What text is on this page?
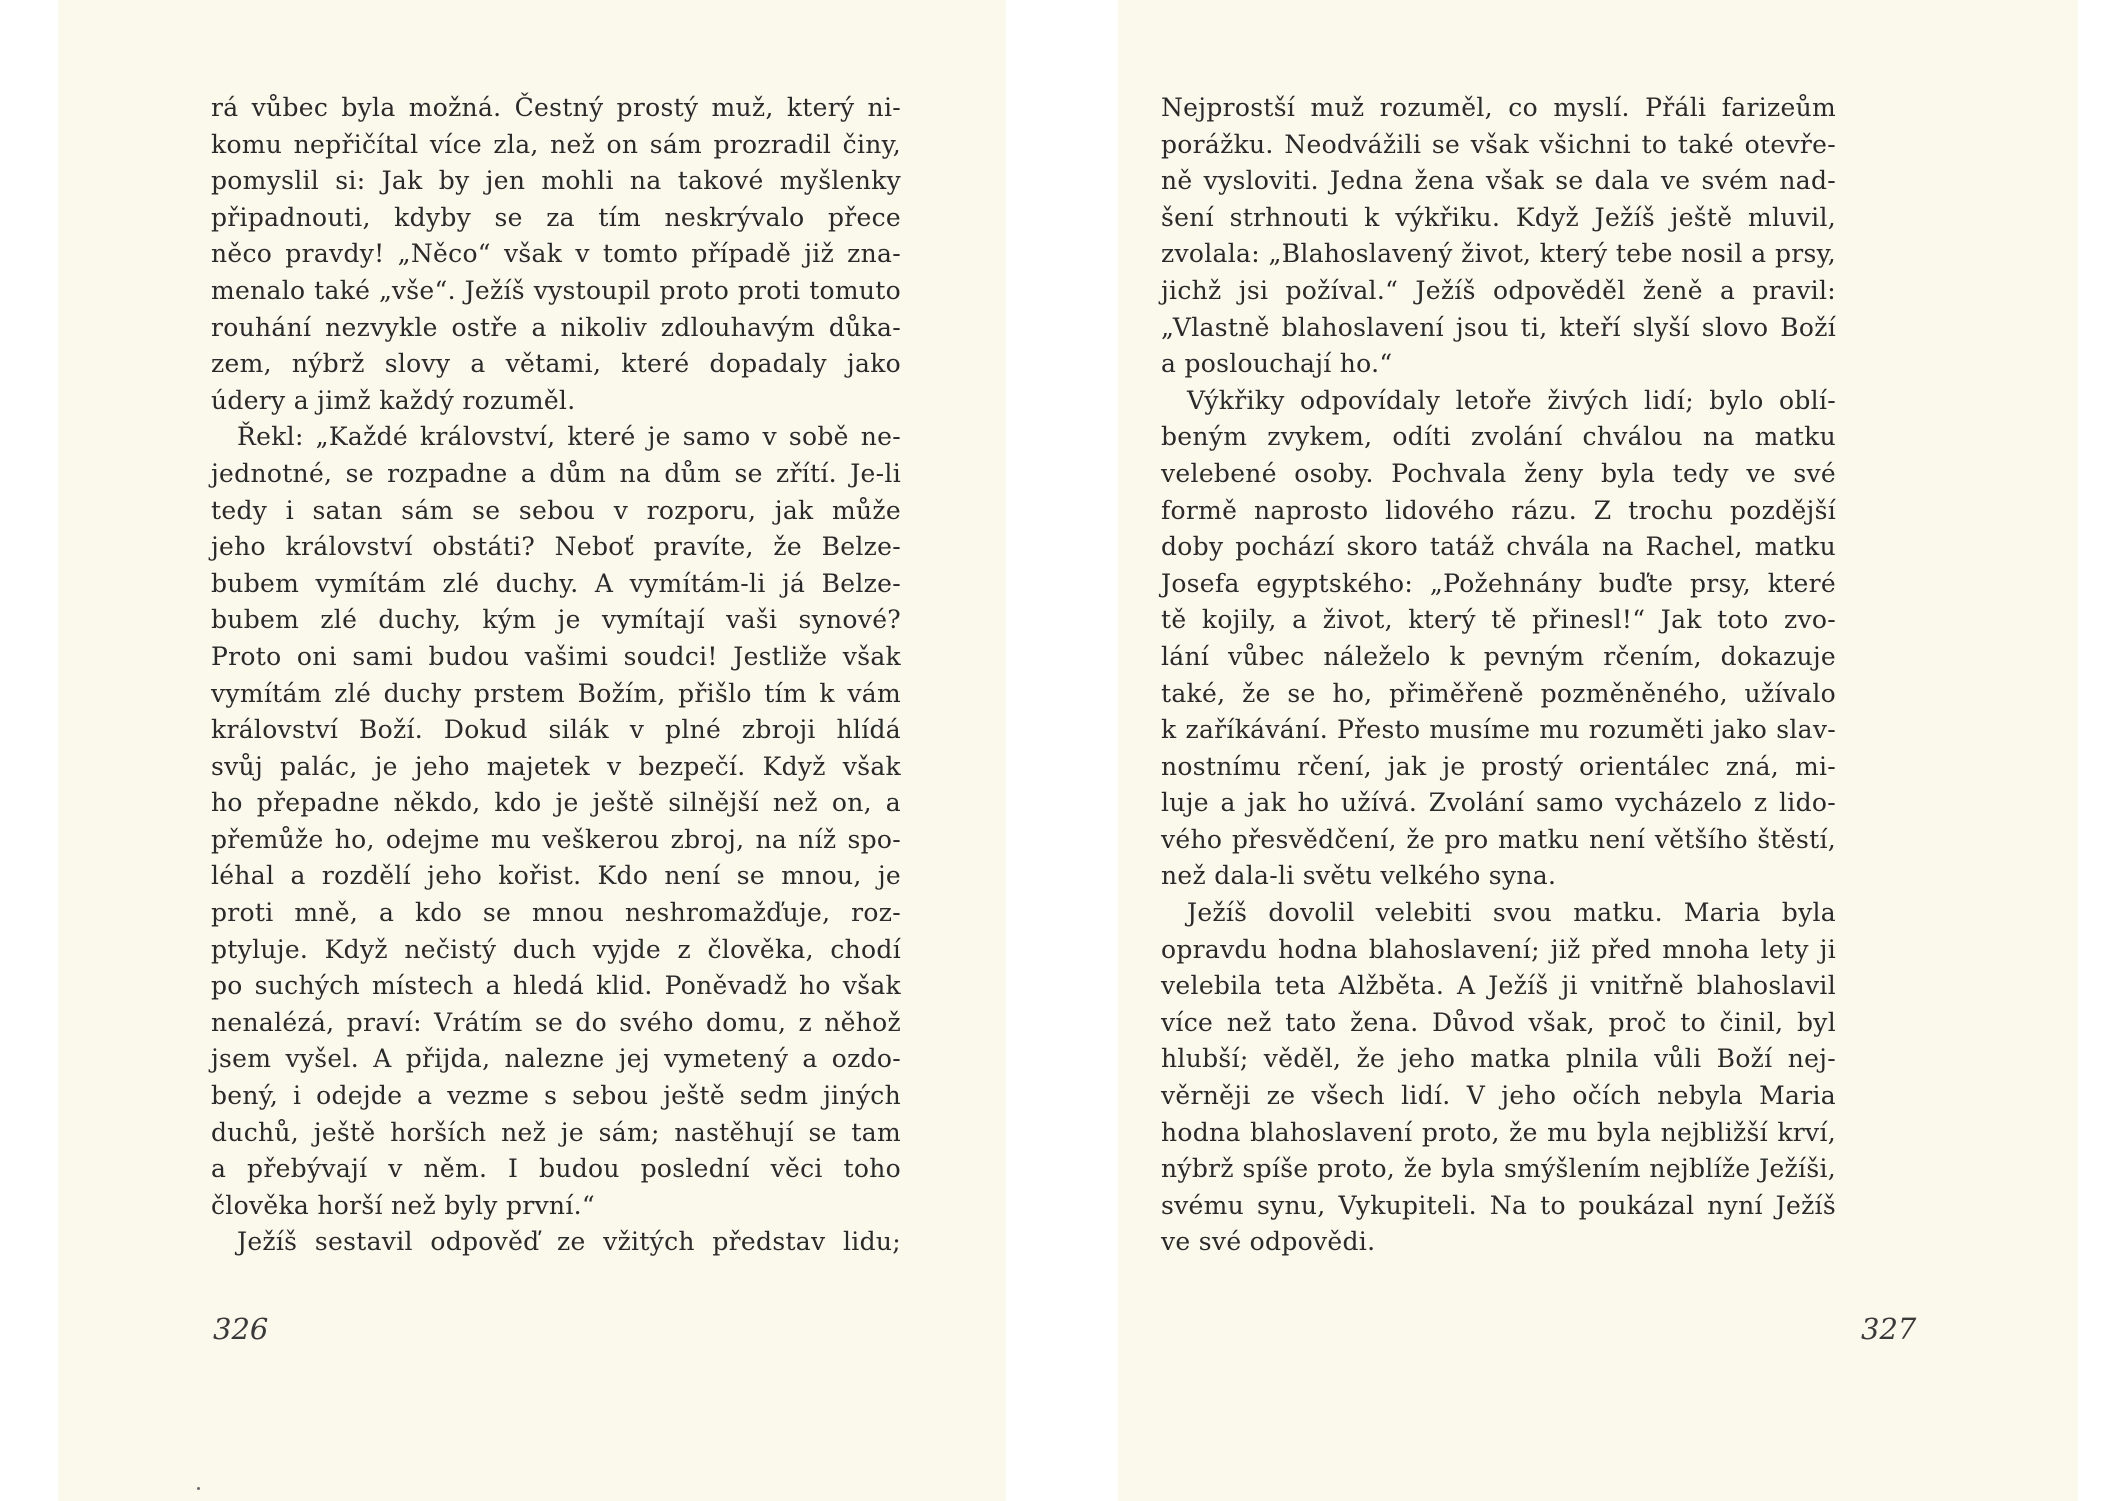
rá vůbec byla možná. Čestný prostý muž, který ni-
komu nepřičítal více zla, než on sám prozradil činy,
pomyslil si: Jak by jen mohli na takové myšlenky
připadnouti, kdyby se za tím neskrývalo přece
něco pravdy! „Něco“ však v tomto případě již zna-
menalo také „vše“. Ježíš vystoupil proto proti tomuto
rouhání nezvykle ostře a nikoliv zdlouhavým důka-
zem, nýbrž slovy a větami, které dopadaly jako
údery a jimž každý rozuměl.
Řekl: „Každé království, které je samo v sobě ne-
jednotné, se rozpadne a dům na dům se zřítí. Je-li
tedy i satan sám se sebou v rozporu, jak může
jeho království obstáti? Neboť pravíte, že Belze-
bubem vymítám zlé duchy. A vymítám-li já Belze-
bubem zlé duchy, kým je vymítají vaši synové?
Proto oni sami budou vašimi soudci! Jestliže však
vymítám zlé duchy prstem Božím, přišlo tím k vám
království Boží. Dokud silák v plné zbroji hlídá
svůj palác, je jeho majetek v bezpečí. Když však
ho přepadne někdo, kdo je ještě silnější než on, a
přemůže ho, odejme mu veškerou zbroj, na níž spo-
léhal a rozdělí jeho kořist. Kdo není se mnou, je
proti mně, a kdo se mnou neshromažďuje, roz-
ptyluje. Když nečistý duch vyjde z člověka, chodí
po suchých místech a hledá klid. Poněvadž ho však
nenalézá, praví: Vrátím se do svého domu, z něhož
jsem vyšel. A přijda, nalezne jej vymetený a ozdo-
bený, i odejde a vezme s sebou ještě sedm jiných
duchů, ještě horších než je sám; nastěhují se tam
a přebývají v něm. I budou poslední věci toho
člověka horší než byly první.“
Ježíš sestavil odpověď ze vžitých představ lidu;
326
Nejprostší muž rozuměl, co myslí. Přáli farizeům
porážku. Neodvážili se však všichni to také otevře-
ně vysloviti. Jedna žena však se dala ve svém nad-
šení strhnouti k výkřiku. Když Ježíš ještě mluvil,
zvolala: „Blahoslavený život, který tebe nosil a prsy,
jichž jsi požíval.“ Ježíš odpověděl ženě a pravil:
„Vlastně blahoslavení jsou ti, kteří slyší slovo Boží
a poslouchají ho.“
Výkřiky odpovídaly letoře živých lidí; bylo oblí-
beným zvykem, odíti zvolání chválou na matku
velebené osoby. Pochvala ženy byla tedy ve své
formě naprosto lidového rázu. Z trochu pozdější
doby pochází skoro tatáž chvála na Rachel, matku
Josefa egyptského: „Požehnány buďte prsy, které
tě kojily, a život, který tě přinesl!“ Jak toto zvo-
lání vůbec náleželo k pevným rčením, dokazuje
také, že se ho, přiměřeně pozměněného, užívalo
k zaříkávání. Přesto musíme mu rozuměti jako slav-
nostnímu rčení, jak je prostý orientálec zná, mi-
luje a jak ho užívá. Zvolání samo vycházelo z lido-
vého přesvědčení, že pro matku není většího štěstí,
než dala-li světu velkého syna.
Ježíš dovolil velebiti svou matku. Maria byla
opravdu hodna blahoslavení; již před mnoha lety ji
velebila teta Alžběta. A Ježíš ji vnitřně blahoslavil
více než tato žena. Důvod však, proč to činil, byl
hlubší; věděl, že jeho matka plnila vůli Boží nej-
věrněji ze všech lidí. V jeho očích nebyla Maria
hodna blahoslavení proto, že mu byla nejbližší krví,
nýbrž spíše proto, že byla smýšlením nejblíže Ježíši,
svému synu, Vykupiteli. Na to poukázal nyní Ježíš
ve své odpovědi.
327
